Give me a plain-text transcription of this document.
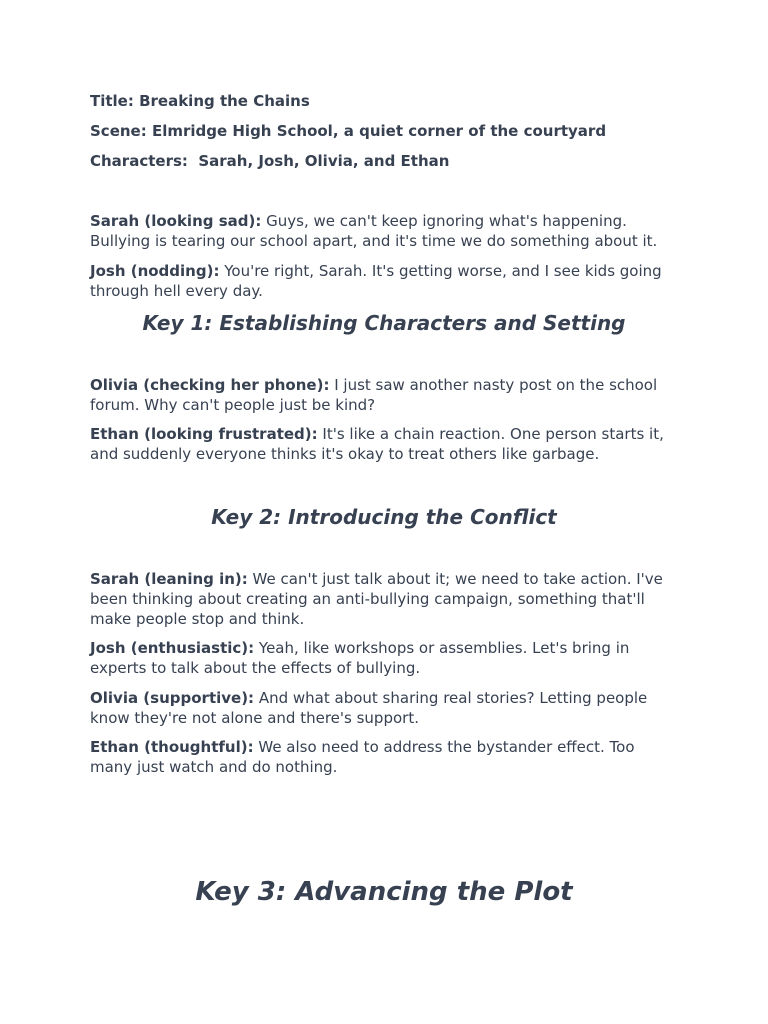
Title: Breaking the Chains
Scene: Elmridge High School, a quiet corner of the courtyard
Characters:  Sarah, Josh, Olivia, and Ethan
Sarah (looking sad): Guys, we can't keep ignoring what's happening. Bullying is tearing our school apart, and it's time we do something about it.
Josh (nodding): You're right, Sarah. It's getting worse, and I see kids going through hell every day.
Key 1: Establishing Characters and Setting
Olivia (checking her phone): I just saw another nasty post on the school forum. Why can't people just be kind?
Ethan (looking frustrated): It's like a chain reaction. One person starts it, and suddenly everyone thinks it's okay to treat others like garbage.
Key 2: Introducing the Conflict
Sarah (leaning in): We can't just talk about it; we need to take action. I've been thinking about creating an anti-bullying campaign, something that'll make people stop and think.
Josh (enthusiastic): Yeah, like workshops or assemblies. Let's bring in experts to talk about the effects of bullying.
Olivia (supportive): And what about sharing real stories? Letting people know they're not alone and there's support.
Ethan (thoughtful): We also need to address the bystander effect. Too many just watch and do nothing.
Key 3: Advancing the Plot
